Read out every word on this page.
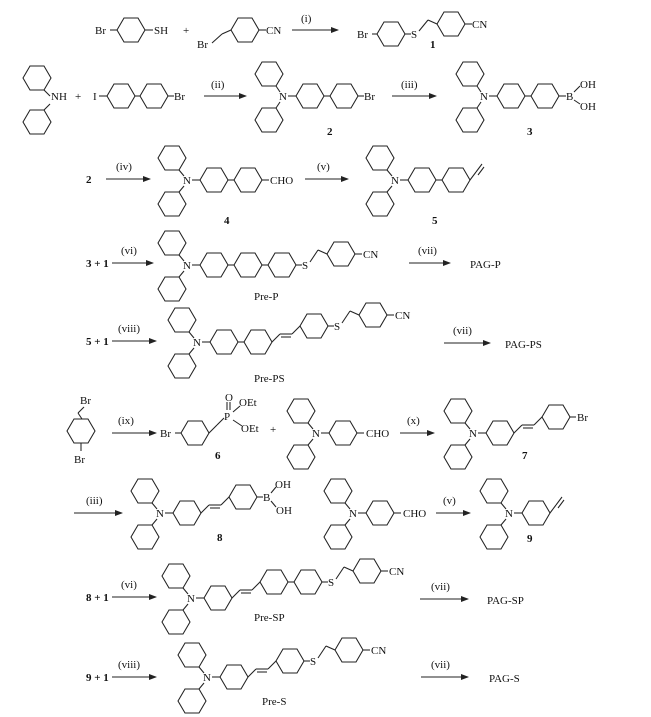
Br	SH +
Br
CN
(i)
Br	S
CN
1
NH + I	Br
(ii)
N	Br
2
(iii)
N	B
OH
OH
3
2
(iv)
N	CHO
4
(v)
N
5
3 + 1
(vi)
N	S
CN
Pre-P
(vii)
PAG-P
5 + 1
(viii)
N
S
CN
Pre-PS
(vii)
PAG-PS
Br
Br
(ix)
Br
P
O OEt
OEt
6
+	N	CHO
(x)
N
Br
7
(iii)
N
B
OH
OH
8
N	CHO
(v)
N
9
8 + 1
(vi)
N
S
CN
Pre-SP
(vii)
PAG-SP
9 + 1
(viii)
N
S
CN
Pre-S
(vii)
PAG-S
